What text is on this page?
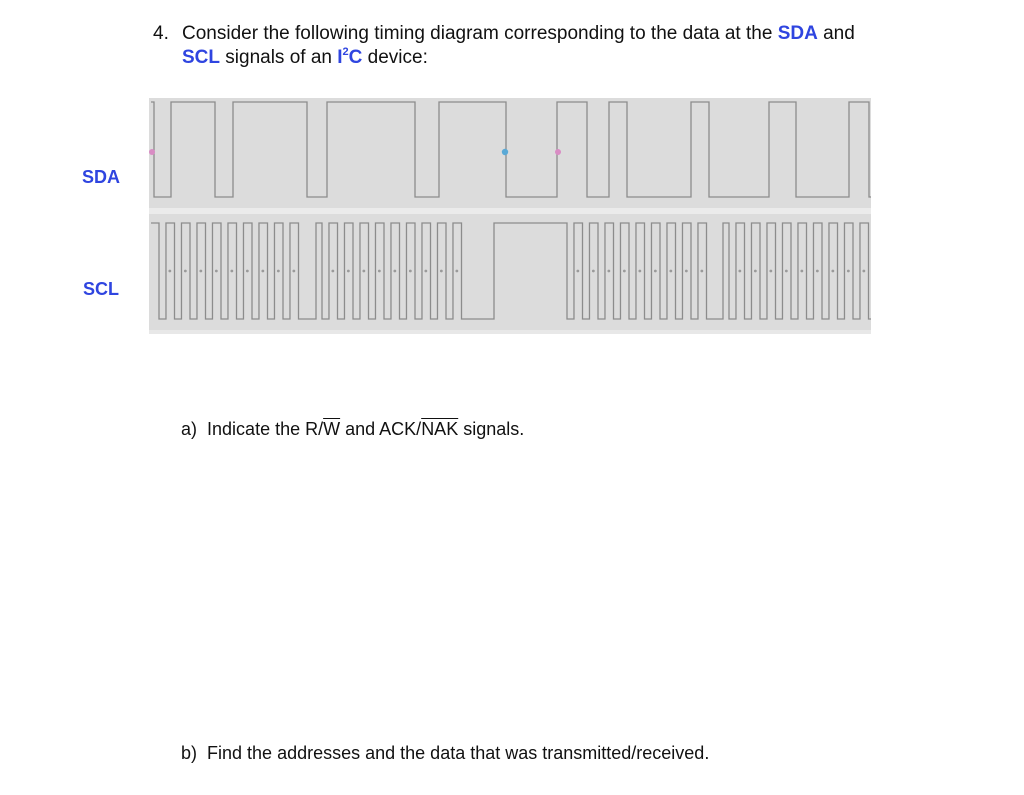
4. Consider the following timing diagram corresponding to the data at the SDA and
SCL signals of an $I^2C$ device:
SDA
SCL
a) Indicate the $R/\overline{W}$ and ACK/$\overline{NAK}$ signals.
b) Find the addresses and the data that was transmitted/received.
